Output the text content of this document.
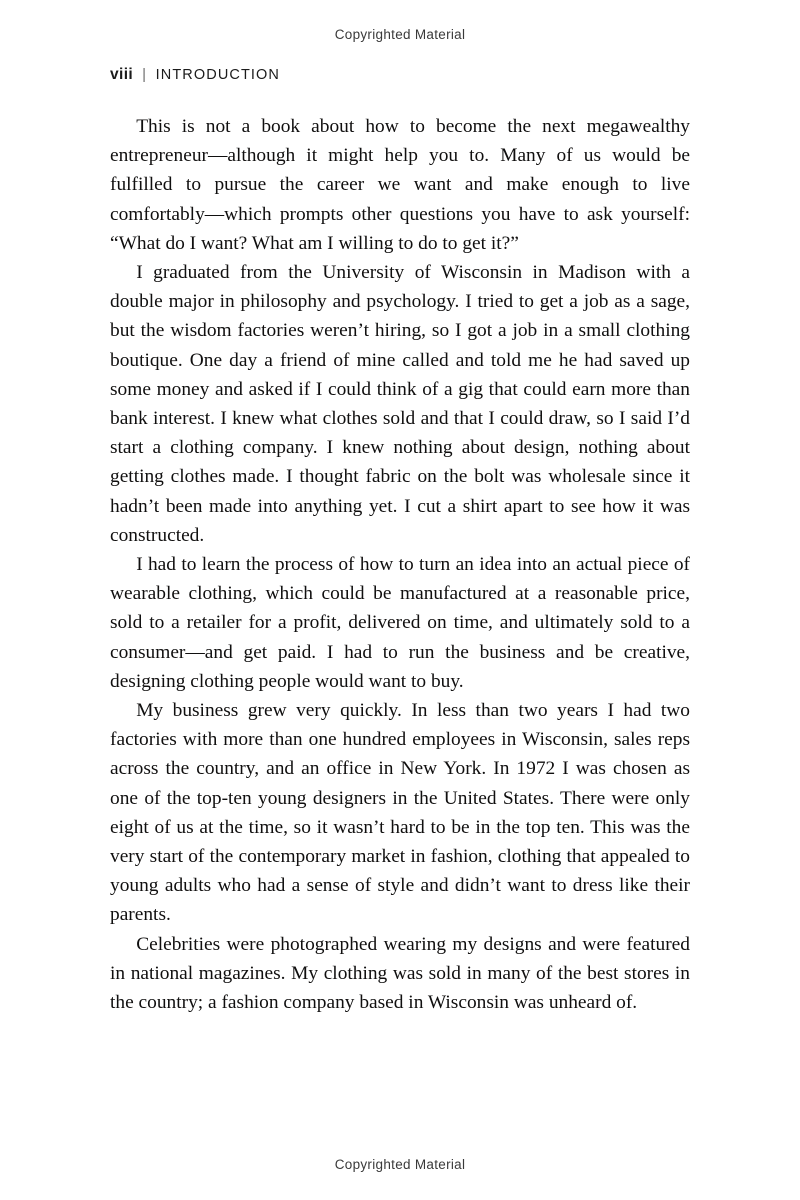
Copyrighted Material
viii | INTRODUCTION

This is not a book about how to become the next megawealthy entrepreneur—although it might help you to. Many of us would be fulfilled to pursue the career we want and make enough to live comfortably—which prompts other questions you have to ask yourself: “What do I want? What am I willing to do to get it?”

I graduated from the University of Wisconsin in Madison with a double major in philosophy and psychology. I tried to get a job as a sage, but the wisdom factories weren’t hiring, so I got a job in a small clothing boutique. One day a friend of mine called and told me he had saved up some money and asked if I could think of a gig that could earn more than bank interest. I knew what clothes sold and that I could draw, so I said I’d start a clothing company. I knew nothing about design, nothing about getting clothes made. I thought fabric on the bolt was wholesale since it hadn’t been made into anything yet. I cut a shirt apart to see how it was constructed.

I had to learn the process of how to turn an idea into an actual piece of wearable clothing, which could be manufactured at a reasonable price, sold to a retailer for a profit, delivered on time, and ultimately sold to a consumer—and get paid. I had to run the business and be creative, designing clothing people would want to buy.

My business grew very quickly. In less than two years I had two factories with more than one hundred employees in Wisconsin, sales reps across the country, and an office in New York. In 1972 I was chosen as one of the top-ten young designers in the United States. There were only eight of us at the time, so it wasn’t hard to be in the top ten. This was the very start of the contemporary market in fashion, clothing that appealed to young adults who had a sense of style and didn’t want to dress like their parents.

Celebrities were photographed wearing my designs and were featured in national magazines. My clothing was sold in many of the best stores in the country; a fashion company based in Wisconsin was unheard of.

Copyrighted Material
